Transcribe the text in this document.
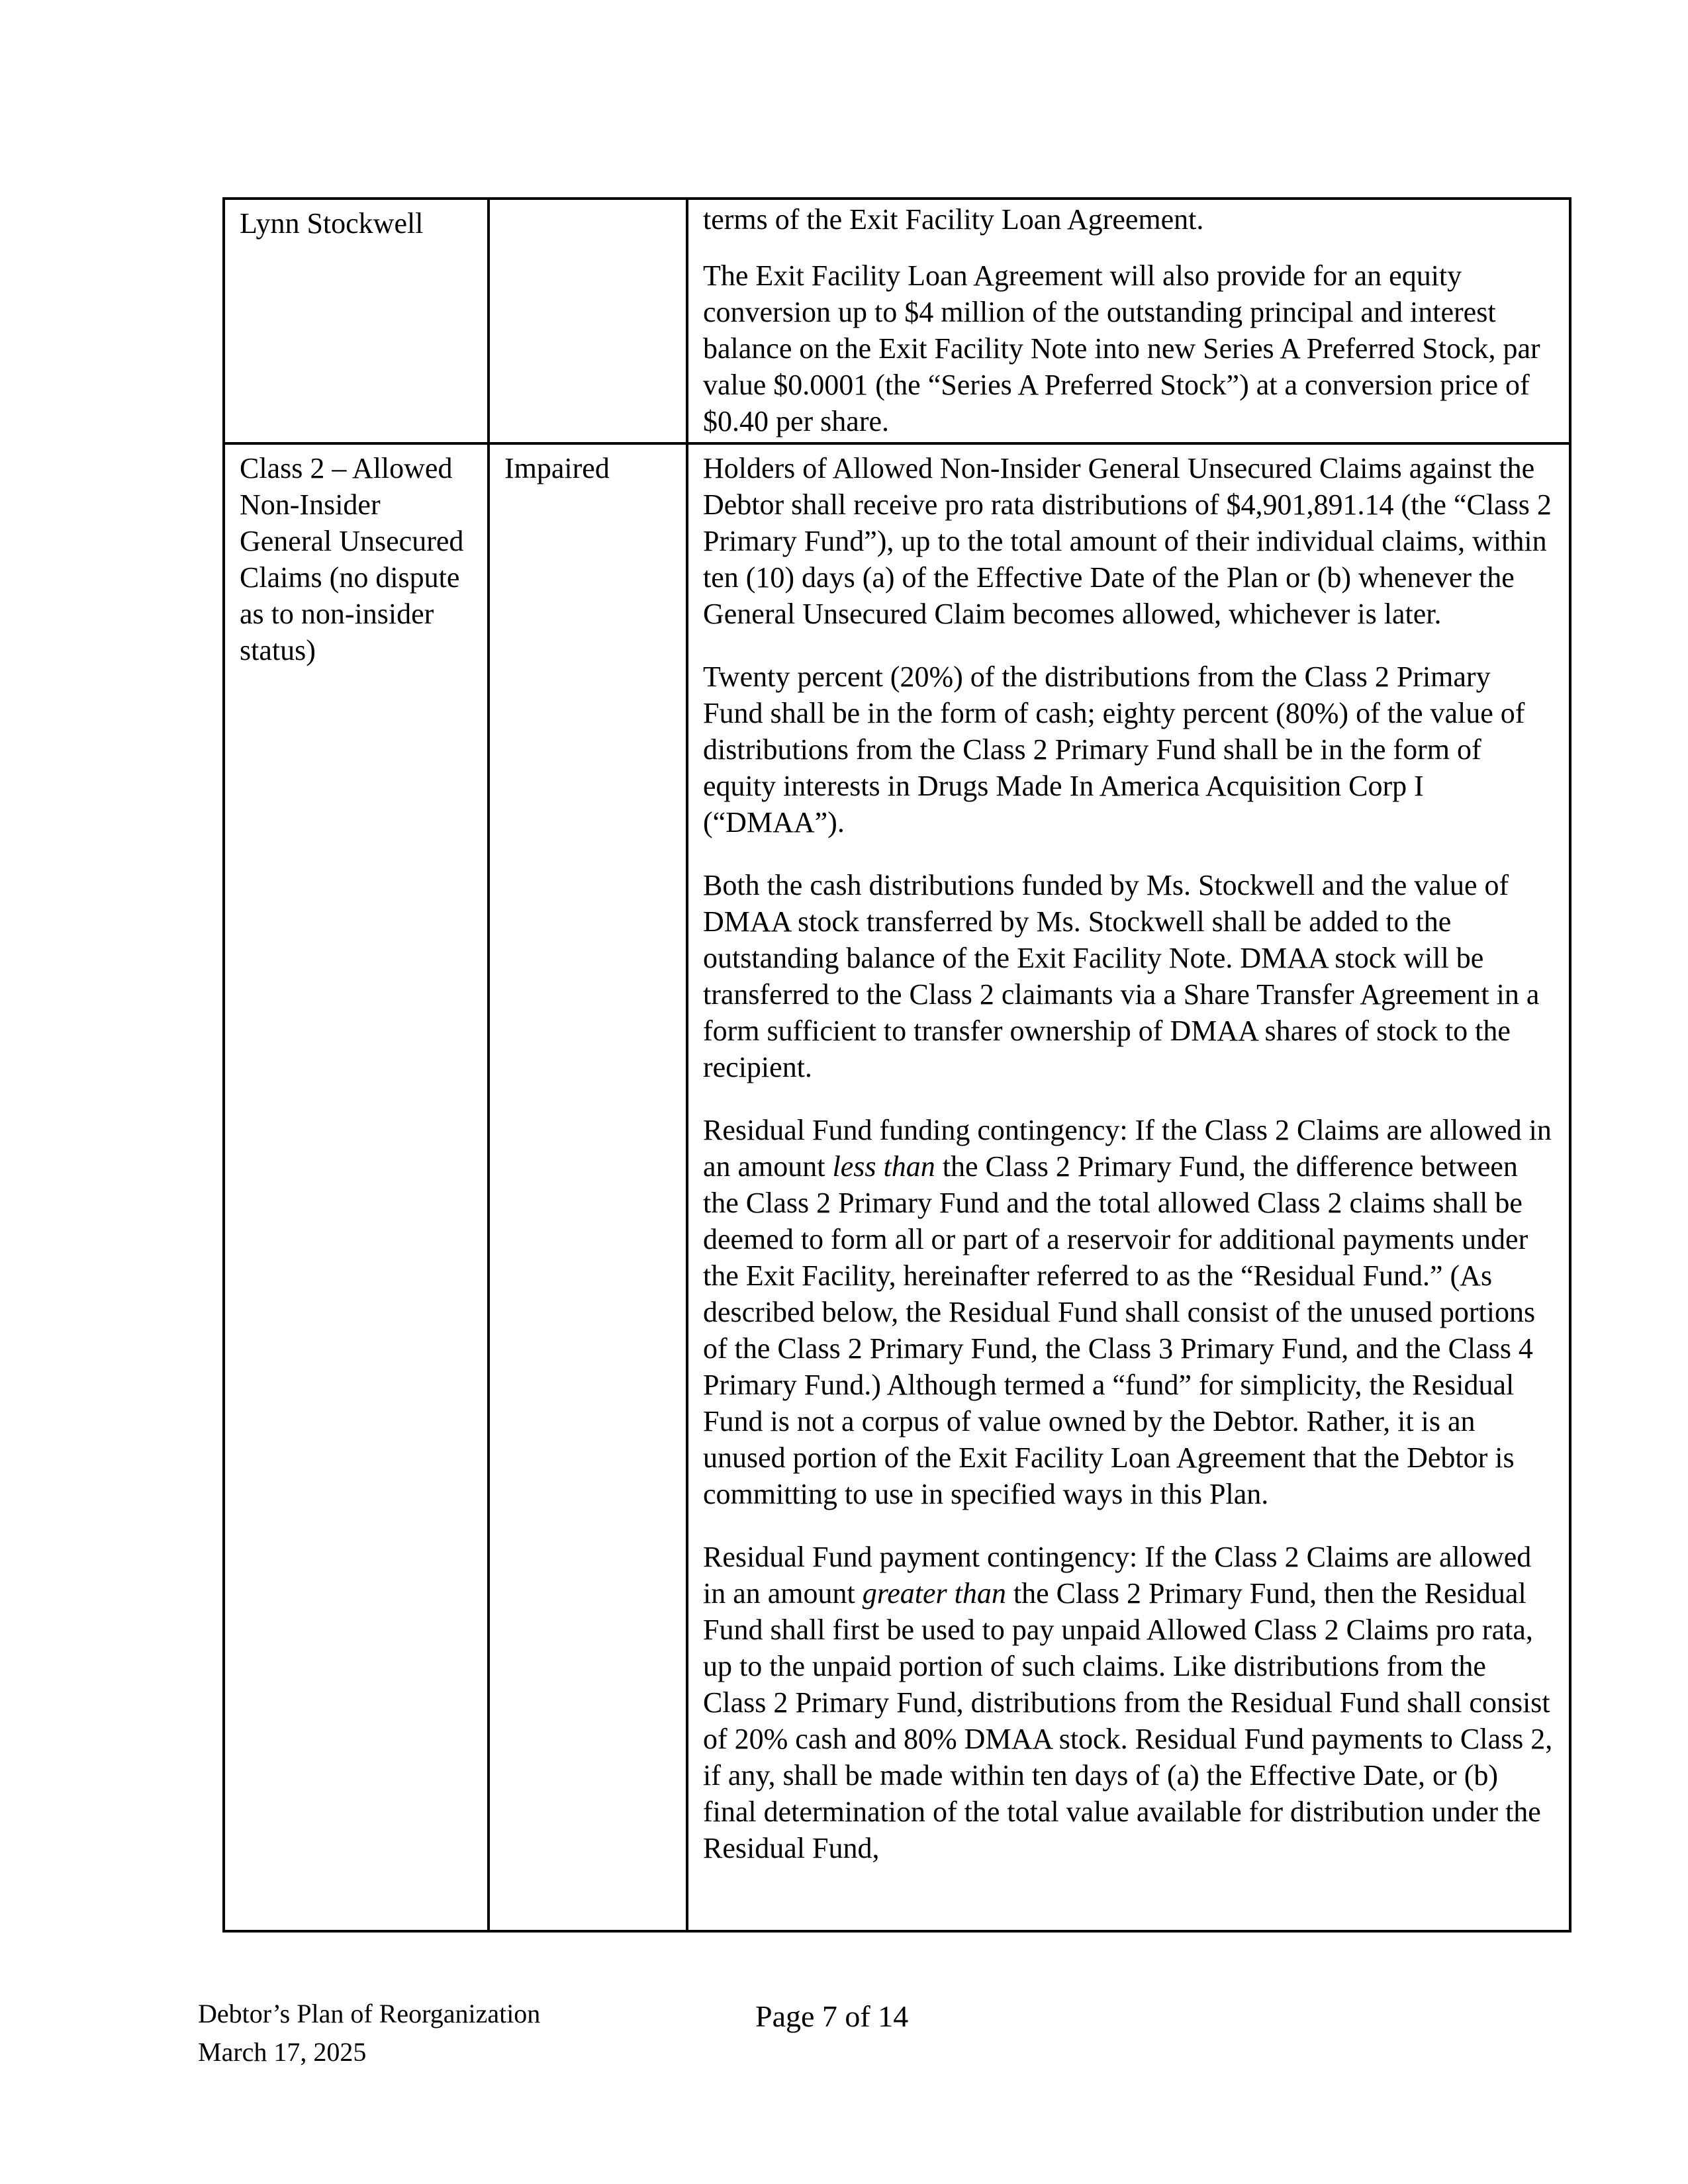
Lynn Stockwell		terms of the Exit Facility Loan Agreement.

The Exit Facility Loan Agreement will also provide for an equity conversion up to $4 million of the outstanding principal and interest balance on the Exit Facility Note into new Series A Preferred Stock, par value $0.0001 (the “Series A Preferred Stock”) at a conversion price of $0.40 per share.

Class 2 – Allowed Non-Insider General Unsecured Claims (no dispute as to non-insider status)	Impaired	Holders of Allowed Non-Insider General Unsecured Claims against the Debtor shall receive pro rata distributions of $4,901,891.14 (the “Class 2 Primary Fund”), up to the total amount of their individual claims, within ten (10) days (a) of the Effective Date of the Plan or (b) whenever the General Unsecured Claim becomes allowed, whichever is later.

Twenty percent (20%) of the distributions from the Class 2 Primary Fund shall be in the form of cash; eighty percent (80%) of the value of distributions from the Class 2 Primary Fund shall be in the form of equity interests in Drugs Made In America Acquisition Corp I (“DMAA”).

Both the cash distributions funded by Ms. Stockwell and the value of DMAA stock transferred by Ms. Stockwell shall be added to the outstanding balance of the Exit Facility Note. DMAA stock will be transferred to the Class 2 claimants via a Share Transfer Agreement in a form sufficient to transfer ownership of DMAA shares of stock to the recipient.

Residual Fund funding contingency: If the Class 2 Claims are allowed in an amount less than the Class 2 Primary Fund, the difference between the Class 2 Primary Fund and the total allowed Class 2 claims shall be deemed to form all or part of a reservoir for additional payments under the Exit Facility, hereinafter referred to as the “Residual Fund.” (As described below, the Residual Fund shall consist of the unused portions of the Class 2 Primary Fund, the Class 3 Primary Fund, and the Class 4 Primary Fund.) Although termed a “fund” for simplicity, the Residual Fund is not a corpus of value owned by the Debtor. Rather, it is an unused portion of the Exit Facility Loan Agreement that the Debtor is committing to use in specified ways in this Plan.

Residual Fund payment contingency: If the Class 2 Claims are allowed in an amount greater than the Class 2 Primary Fund, then the Residual Fund shall first be used to pay unpaid Allowed Class 2 Claims pro rata, up to the unpaid portion of such claims. Like distributions from the Class 2 Primary Fund, distributions from the Residual Fund shall consist of 20% cash and 80% DMAA stock. Residual Fund payments to Class 2, if any, shall be made within ten days of (a) the Effective Date, or (b) final determination of the total value available for distribution under the Residual Fund,

Debtor’s Plan of Reorganization
March 17, 2025
Page 7 of 14
